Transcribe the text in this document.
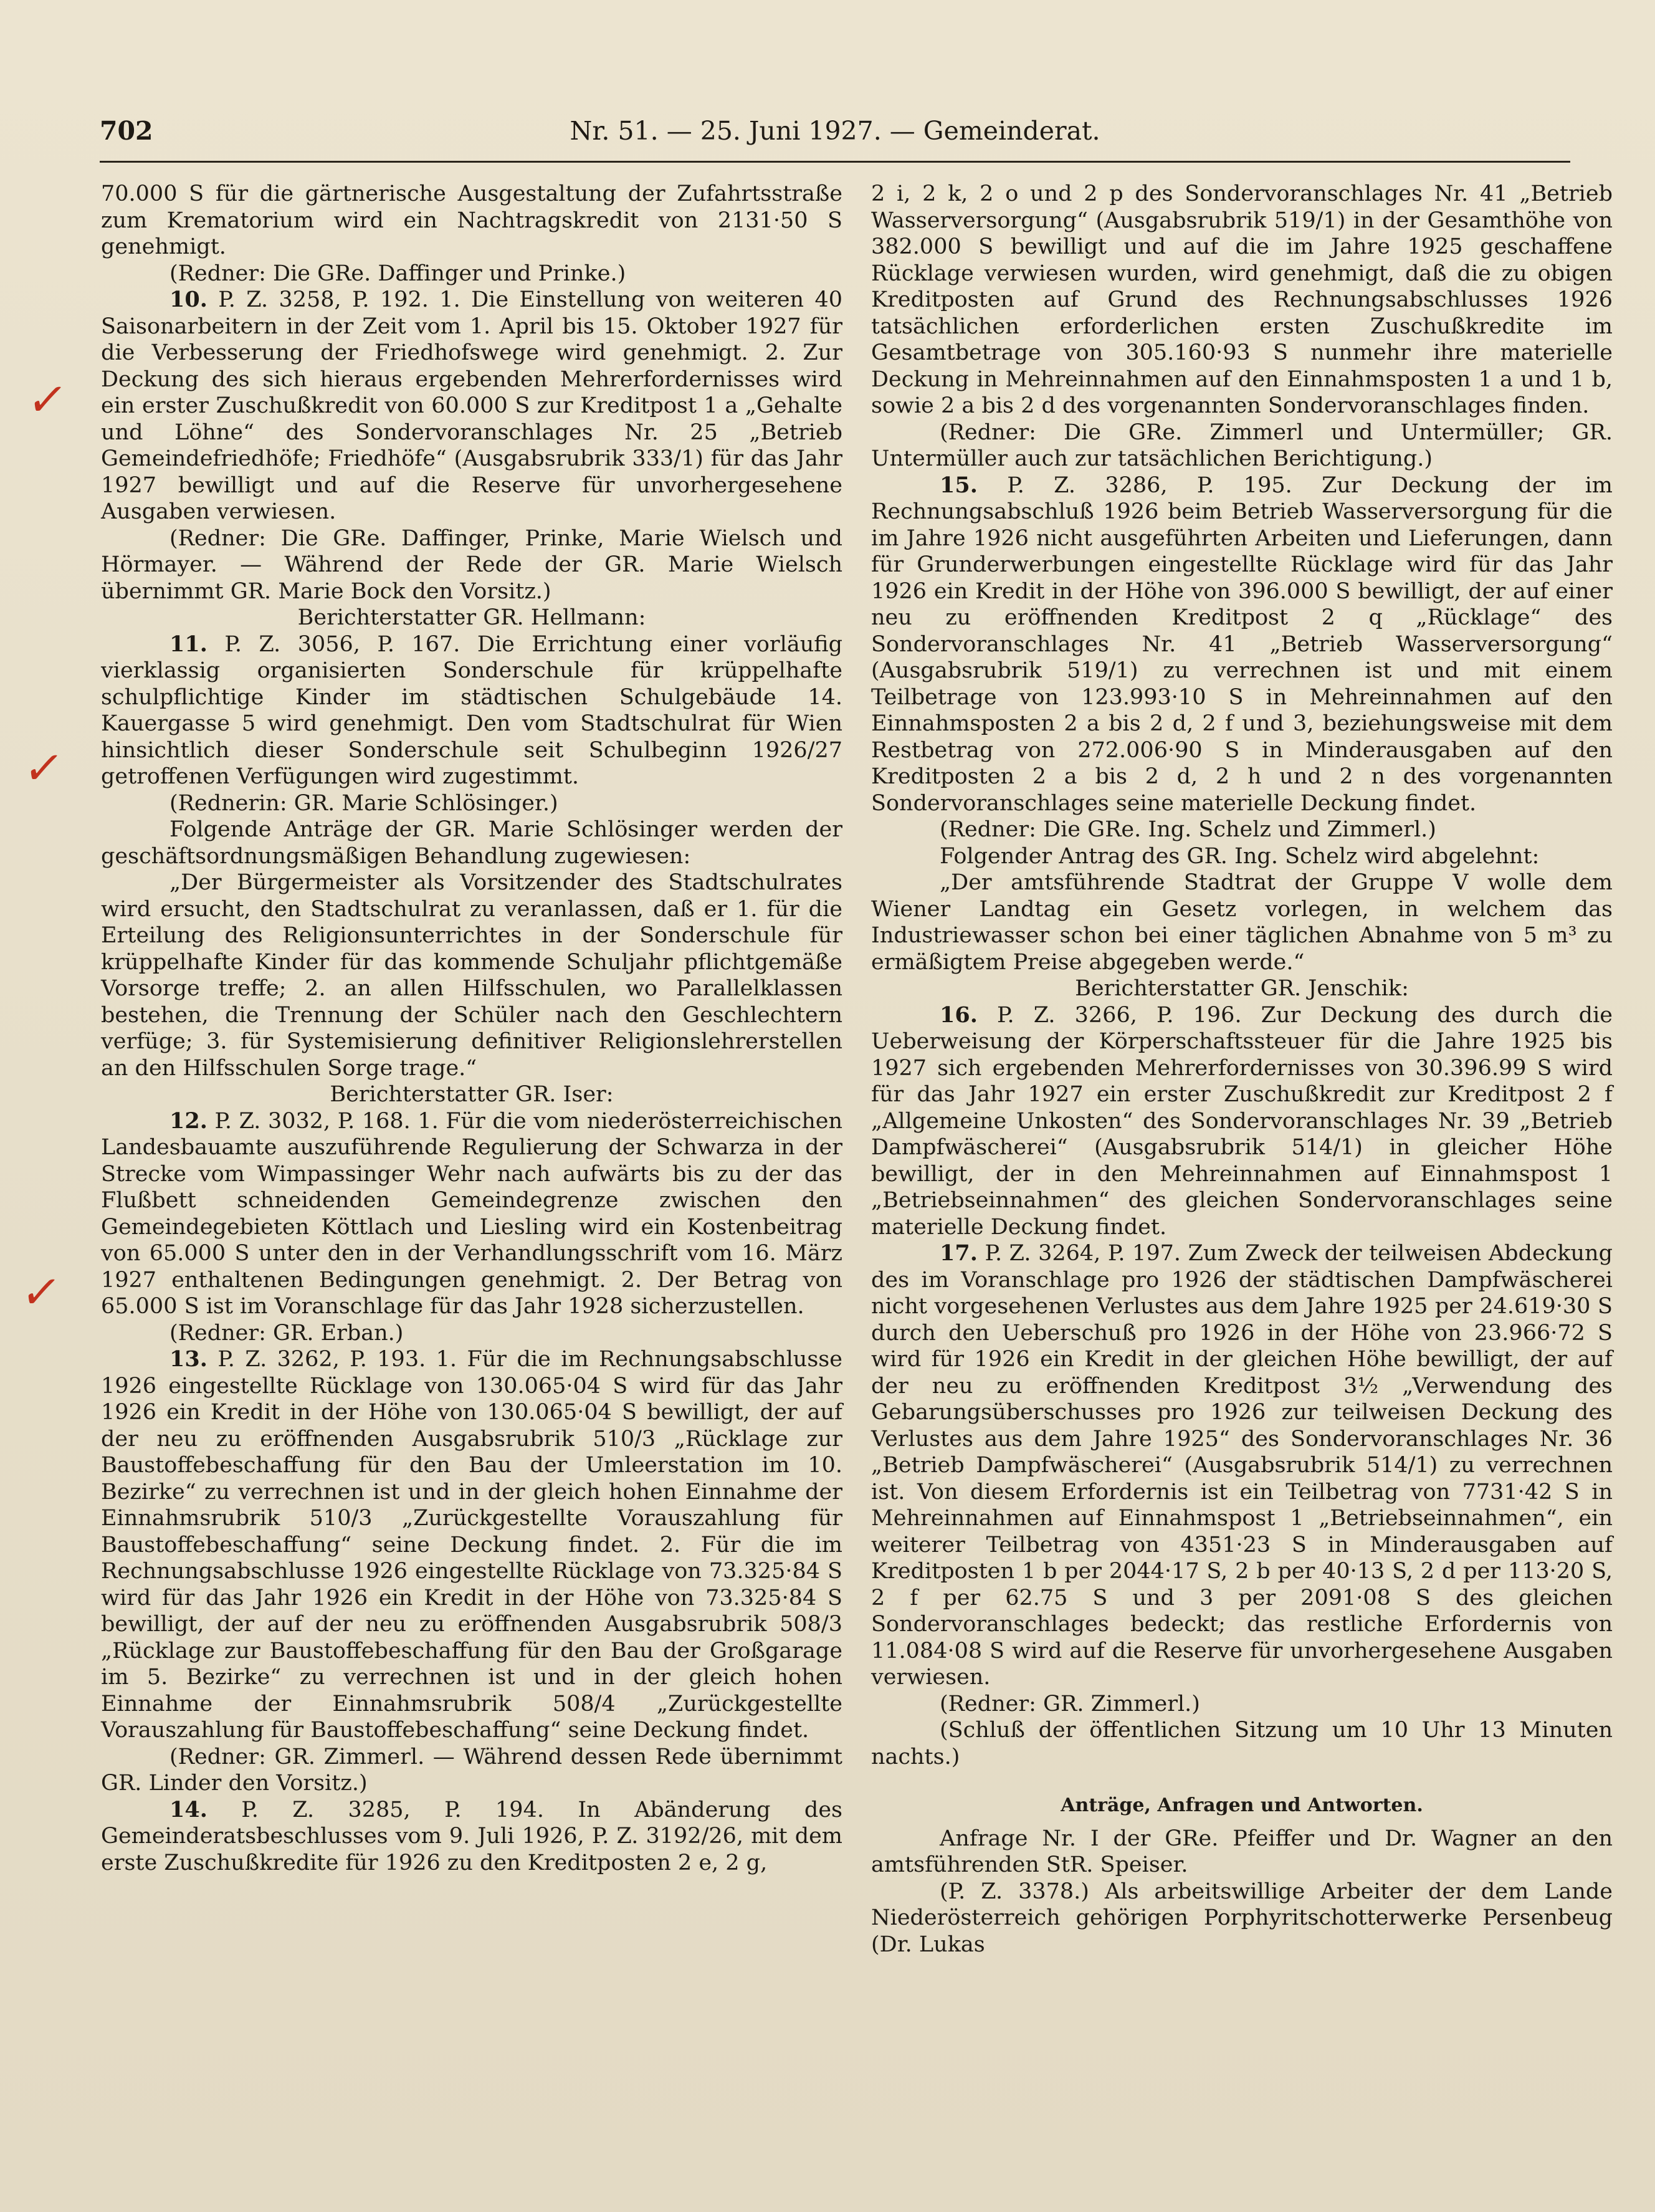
702	Nr. 51. — 25. Juni 1927. — Gemeinderat.

70.000 S für die gärtnerische Ausgestaltung der Zufahrtsstraße zum Krematorium wird ein Nachtragskredit von 2131·50 S genehmigt.

(Redner: Die GRe. Daffinger und Prinke.)

10. P. Z. 3258, P. 192. 1. Die Einstellung von weiteren 40 Saisonarbeitern in der Zeit vom 1. April bis 15. Oktober 1927 für die Verbesserung der Friedhofswege wird genehmigt. 2. Zur Deckung des sich hieraus ergebenden Mehrerfordernisses wird ein erster Zuschußkredit von 60.000 S zur Kreditpost 1 a „Gehalte und Löhne“ des Sondervoranschlages Nr. 25 „Betrieb Gemeindefriedhöfe; Friedhöfe“ (Ausgabsrubrik 333/1) für das Jahr 1927 bewilligt und auf die Reserve für unvorhergesehene Ausgaben verwiesen.

(Redner: Die GRe. Daffinger, Prinke, Marie Wielsch und Hörmayer. — Während der Rede der GR. Marie Wielsch übernimmt GR. Marie Bock den Vorsitz.)

Berichterstatter GR. Hellmann:

11. P. Z. 3056, P. 167. Die Errichtung einer vorläufig vierklassig organisierten Sonderschule für krüppelhafte schulpflichtige Kinder im städtischen Schulgebäude 14. Kauergasse 5 wird genehmigt. Den vom Stadtschulrat für Wien hinsichtlich dieser Sonderschule seit Schulbeginn 1926/27 getroffenen Verfügungen wird zugestimmt.

(Rednerin: GR. Marie Schlösinger.)

Folgende Anträge der GR. Marie Schlösinger werden der geschäftsordnungsmäßigen Behandlung zugewiesen:

„Der Bürgermeister als Vorsitzender des Stadtschulrates wird ersucht, den Stadtschulrat zu veranlassen, daß er 1. für die Erteilung des Religionsunterrichtes in der Sonderschule für krüppelhafte Kinder für das kommende Schuljahr pflichtgemäße Vorsorge treffe; 2. an allen Hilfsschulen, wo Parallelklassen bestehen, die Trennung der Schüler nach den Geschlechtern verfüge; 3. für Systemisierung definitiver Religionslehrerstellen an den Hilfsschulen Sorge trage.“

Berichterstatter GR. Iser:

12. P. Z. 3032, P. 168. 1. Für die vom niederösterreichischen Landesbauamte auszuführende Regulierung der Schwarza in der Strecke vom Wimpassinger Wehr nach aufwärts bis zu der das Flußbett schneidenden Gemeindegrenze zwischen den Gemeindegebieten Köttlach und Liesling wird ein Kostenbeitrag von 65.000 S unter den in der Verhandlungsschrift vom 16. März 1927 enthaltenen Bedingungen genehmigt. 2. Der Betrag von 65.000 S ist im Voranschlage für das Jahr 1928 sicherzustellen.

(Redner: GR. Erban.)

13. P. Z. 3262, P. 193. 1. Für die im Rechnungsabschlusse 1926 eingestellte Rücklage von 130.065·04 S wird für das Jahr 1926 ein Kredit in der Höhe von 130.065·04 S bewilligt, der auf der neu zu eröffnenden Ausgabsrubrik 510/3 „Rücklage zur Baustoffebeschaffung für den Bau der Umleerstation im 10. Bezirke“ zu verrechnen ist und in der gleich hohen Einnahme der Einnahmsrubrik 510/3 „Zurückgestellte Vorauszahlung für Baustoffebeschaffung“ seine Deckung findet. 2. Für die im Rechnungsabschlusse 1926 eingestellte Rücklage von 73.325·84 S wird für das Jahr 1926 ein Kredit in der Höhe von 73.325·84 S bewilligt, der auf der neu zu eröffnenden Ausgabsrubrik 508/3 „Rücklage zur Baustoffebeschaffung für den Bau der Großgarage im 5. Bezirke“ zu verrechnen ist und in der gleich hohen Einnahme der Einnahmsrubrik 508/4 „Zurückgestellte Vorauszahlung für Baustoffebeschaffung“ seine Deckung findet.

(Redner: GR. Zimmerl. — Während dessen Rede übernimmt GR. Linder den Vorsitz.)

14. P. Z. 3285, P. 194. In Abänderung des Gemeinderatsbeschlusses vom 9. Juli 1926, P. Z. 3192/26, mit dem erste Zuschußkredite für 1926 zu den Kreditposten 2 e, 2 g,

2 i, 2 k, 2 o und 2 p des Sondervoranschlages Nr. 41 „Betrieb Wasserversorgung“ (Ausgabsrubrik 519/1) in der Gesamthöhe von 382.000 S bewilligt und auf die im Jahre 1925 geschaffene Rücklage verwiesen wurden, wird genehmigt, daß die zu obigen Kreditposten auf Grund des Rechnungsabschlusses 1926 tatsächlichen erforderlichen ersten Zuschußkredite im Gesamtbetrage von 305.160·93 S nunmehr ihre materielle Deckung in Mehreinnahmen auf den Einnahmsposten 1 a und 1 b, sowie 2 a bis 2 d des vorgenannten Sondervoranschlages finden.

(Redner: Die GRe. Zimmerl und Untermüller; GR. Untermüller auch zur tatsächlichen Berichtigung.)

15. P. Z. 3286, P. 195. Zur Deckung der im Rechnungsabschluß 1926 beim Betrieb Wasserversorgung für die im Jahre 1926 nicht ausgeführten Arbeiten und Lieferungen, dann für Grunderwerbungen eingestellte Rücklage wird für das Jahr 1926 ein Kredit in der Höhe von 396.000 S bewilligt, der auf einer neu zu eröffnenden Kreditpost 2 q „Rücklage“ des Sondervoranschlages Nr. 41 „Betrieb Wasserversorgung“ (Ausgabsrubrik 519/1) zu verrechnen ist und mit einem Teilbetrage von 123.993·10 S in Mehreinnahmen auf den Einnahmsposten 2 a bis 2 d, 2 f und 3, beziehungsweise mit dem Restbetrag von 272.006·90 S in Minderausgaben auf den Kreditposten 2 a bis 2 d, 2 h und 2 n des vorgenannten Sondervoranschlages seine materielle Deckung findet.

(Redner: Die GRe. Ing. Schelz und Zimmerl.)

Folgender Antrag des GR. Ing. Schelz wird abgelehnt:

„Der amtsführende Stadtrat der Gruppe V wolle dem Wiener Landtag ein Gesetz vorlegen, in welchem das Industriewasser schon bei einer täglichen Abnahme von 5 m³ zu ermäßigtem Preise abgegeben werde.“

Berichterstatter GR. Jenschik:

16. P. Z. 3266, P. 196. Zur Deckung des durch die Ueberweisung der Körperschaftssteuer für die Jahre 1925 bis 1927 sich ergebenden Mehrerfordernisses von 30.396.99 S wird für das Jahr 1927 ein erster Zuschußkredit zur Kreditpost 2 f „Allgemeine Unkosten“ des Sondervoranschlages Nr. 39 „Betrieb Dampfwäscherei“ (Ausgabsrubrik 514/1) in gleicher Höhe bewilligt, der in den Mehreinnahmen auf Einnahmspost 1 „Betriebseinnahmen“ des gleichen Sondervoranschlages seine materielle Deckung findet.

17. P. Z. 3264, P. 197. Zum Zweck der teilweisen Abdeckung des im Voranschlage pro 1926 der städtischen Dampfwäscherei nicht vorgesehenen Verlustes aus dem Jahre 1925 per 24.619·30 S durch den Ueberschuß pro 1926 in der Höhe von 23.966·72 S wird für 1926 ein Kredit in der gleichen Höhe bewilligt, der auf der neu zu eröffnenden Kreditpost 3½ „Verwendung des Gebarungsüberschusses pro 1926 zur teilweisen Deckung des Verlustes aus dem Jahre 1925“ des Sondervoranschlages Nr. 36 „Betrieb Dampfwäscherei“ (Ausgabsrubrik 514/1) zu verrechnen ist. Von diesem Erfordernis ist ein Teilbetrag von 7731·42 S in Mehreinnahmen auf Einnahmspost 1 „Betriebseinnahmen“, ein weiterer Teilbetrag von 4351·23 S in Minderausgaben auf Kreditposten 1 b per 2044·17 S, 2 b per 40·13 S, 2 d per 113·20 S, 2 f per 62.75 S und 3 per 2091·08 S des gleichen Sondervoranschlages bedeckt; das restliche Erfordernis von 11.084·08 S wird auf die Reserve für unvorhergesehene Ausgaben verwiesen.

(Redner: GR. Zimmerl.)

(Schluß der öffentlichen Sitzung um 10 Uhr 13 Minuten nachts.)

Anträge, Anfragen und Antworten.

Anfrage Nr. I der GRe. Pfeiffer und Dr. Wagner an den amtsführenden StR. Speiser.

(P. Z. 3378.) Als arbeitswillige Arbeiter der dem Lande Niederösterreich gehörigen Porphyritschotterwerke Persenbeug (Dr. Lukas

✓
✓
✓
